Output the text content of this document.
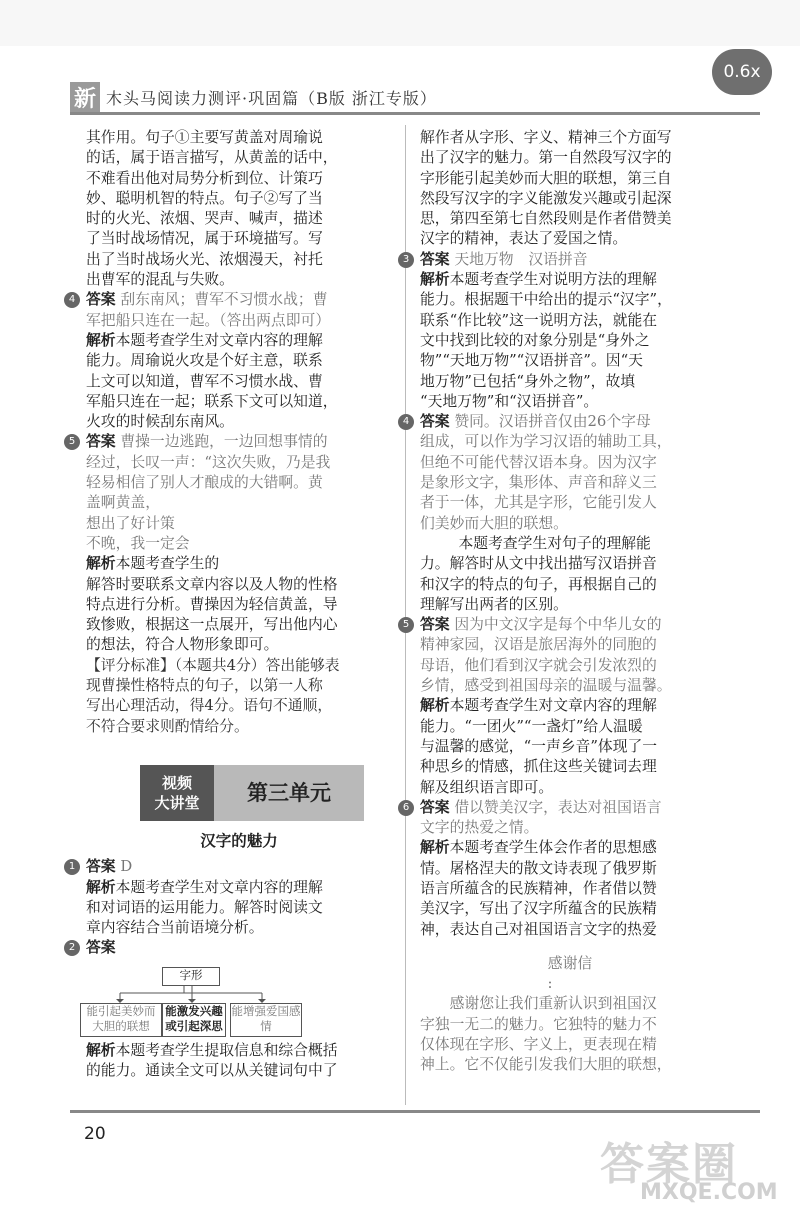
0.6x
新 木头马阅读力测评·巩固篇（B版 浙江专版）
其作用。句子①主要写黄盖对周瑜说
的话，属于语言描写，从黄盖的话中，
不难看出他对局势分析到位、计策巧
妙、聪明机智的特点。句子②写了当
时的火光、浓烟、哭声、喊声，描述
了当时战场情况，属于环境描写。写
出了当时战场火光、浓烟漫天，衬托
出曹军的混乱与失败。
4 答案 刮东南风；曹军不习惯水战；曹
军把船只连在一起。（答出两点即可）
解析本题考查学生对文章内容的理解
能力。周瑜说火攻是个好主意，联系
上文可以知道，曹军不习惯水战、曹
军船只连在一起；联系下文可以知道，
火攻的时候刮东南风。
5 答案 曹操一边逃跑，一边回想事情的
经过，长叹一声：“这次失败，乃是我
轻易相信了别人才酿成的大错啊。黄
盖啊黄盖，
想出了好计策
不晚，我一定会
解析本题考查学生的
解答时要联系文章内容以及人物的性格
特点进行分析。曹操因为轻信黄盖，导
致惨败，根据这一点展开，写出他内心
的想法，符合人物形象即可。
【评分标准】（本题共4分）答出能够表
现曹操性格特点的句子，以第一人称
写出心理活动，得4分。语句不通顺，
不符合要求则酌情给分。
视频
大讲堂	第三单元
汉字的魅力
1 答案 D
解析本题考查学生对文章内容的理解
和对词语的运用能力。解答时阅读文
章内容结合当前语境分析。
2 答案
字形
能引起美妙而大胆的联想
能激发兴趣或引起深思
能增强爱国感情
解析本题考查学生提取信息和综合概括
的能力。通读全文可以从关键词句中了
解作者从字形、字义、精神三个方面写
出了汉字的魅力。第一自然段写汉字的
字形能引起美妙而大胆的联想，第三自
然段写汉字的字义能激发兴趣或引起深
思，第四至第七自然段则是作者借赞美
汉字的精神，表达了爱国之情。
3 答案 天地万物　汉语拼音
解析本题考查学生对说明方法的理解
能力。根据题干中给出的提示“汉字”，
联系“作比较”这一说明方法，就能在
文中找到比较的对象分别是“身外之
物”“天地万物”“汉语拼音”。因“天
地万物”已包括“身外之物”，故填
“天地万物”和“汉语拼音”。
4 答案 赞同。汉语拼音仅由26个字母
组成，可以作为学习汉语的辅助工具，
但绝不可能代替汉语本身。因为汉字
是象形文字，集形体、声音和辞义三
者于一体，尤其是字形，它能引发人
们美妙而大胆的联想。
本题考查学生对句子的理解能
力。解答时从文中找出描写汉语拼音
和汉字的特点的句子，再根据自己的
理解写出两者的区别。
5 答案 因为中文汉字是每个中华儿女的
精神家园，汉语是旅居海外的同胞的
母语，他们看到汉字就会引发浓烈的
乡情，感受到祖国母亲的温暖与温馨。
解析本题考查学生对文章内容的理解
能力。“一团火”“一盏灯”给人温暖
与温馨的感觉，“一声乡音”体现了一
种思乡的情感，抓住这些关键词去理
解及组织语言即可。
6 答案 借以赞美汉字，表达对祖国语言
文字的热爱之情。
解析本题考查学生体会作者的思想感
情。屠格涅夫的散文诗表现了俄罗斯
语言所蕴含的民族精神，作者借以赞
美汉字，写出了汉字所蕴含的民族精
神，表达自己对祖国语言文字的热爱
感谢信
:
感谢您让我们重新认识到祖国汉
字独一无二的魅力。它独特的魅力不
仅体现在字形、字义上，更表现在精
神上。它不仅能引发我们大胆的联想，
20
答案圈
MXQE.COM
